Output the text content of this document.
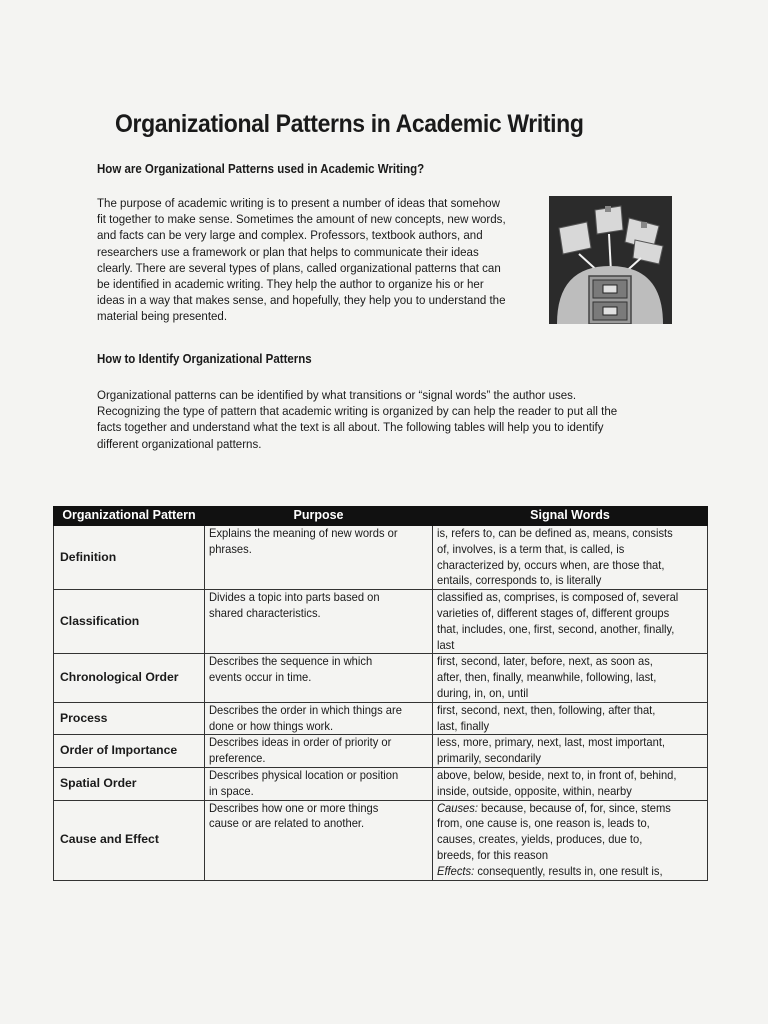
Organizational Patterns in Academic Writing
How are Organizational Patterns used in Academic Writing?
The purpose of academic writing is to present a number of ideas that somehow
fit together to make sense. Sometimes the amount of new concepts, new words,
and facts can be very large and complex. Professors, textbook authors, and
researchers use a framework or plan that helps to communicate their ideas
clearly. There are several types of plans, called organizational patterns that can
be identified in academic writing. They help the author to organize his or her
ideas in a way that makes sense, and hopefully, they help you to understand the
material being presented.
How to Identify Organizational Patterns
Organizational patterns can be identified by what transitions or “signal words” the author uses.
Recognizing the type of pattern that academic writing is organized by can help the reader to put all the
facts together and understand what the text is all about. The following tables will help you to identify
different organizational patterns.
Organizational Pattern	Purpose	Signal Words
Definition	Explains the meaning of new words or
phrases.	is, refers to, can be defined as, means, consists
of, involves, is a term that, is called, is
characterized by, occurs when, are those that,
entails, corresponds to, is literally

Classification	Divides a topic into parts based on
shared characteristics.	classified as, comprises, is composed of, several
varieties of, different stages of, different groups
that, includes, one, first, second, another, finally,
last

Chronological Order	Describes the sequence in which
events occur in time.	first, second, later, before, next, as soon as,
after, then, finally, meanwhile, following, last,
during, in, on, until

Process	Describes the order in which things are
done or how things work.	first, second, next, then, following, after that,
last, finally

Order of Importance	Describes ideas in order of priority or
preference.	less, more, primary, next, last, most important,
primarily, secondarily

Spatial Order	Describes physical location or position
in space.	above, below, beside, next to, in front of, behind,
inside, outside, opposite, within, nearby

Cause and Effect	Describes how one or more things
cause or are related to another.	Causes: because, because of, for, since, stems
from, one cause is, one reason is, leads to,
causes, creates, yields, produces, due to,
breeds, for this reason
Effects: consequently, results in, one result is,
